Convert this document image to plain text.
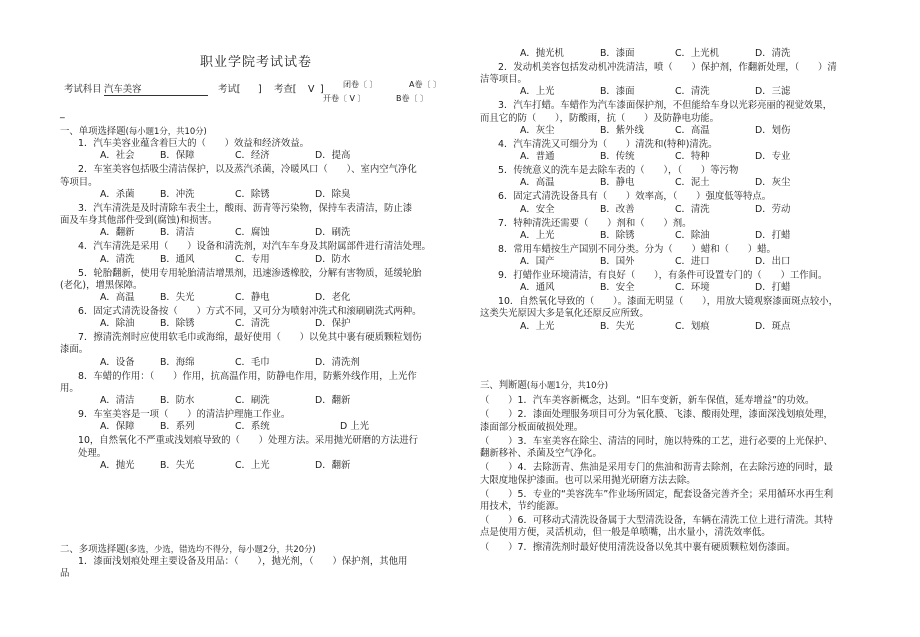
职业学院考试试卷
考试科目 汽车美容	考试[ ] 考查[ V ] 闭卷〔 〕	A卷〔 〕
开卷〔 V 〕	B卷〔 〕
_

一、单项选择题(每小题1分，共10分)

1．汽车美容业蕴含着巨大的（　　）效益和经济效益。

A．社会	B．保障	C．经济	D．提高

2．车室美容包括吸尘清洁保护，以及蒸汽杀菌，冷暖风口（　　）、室内空气净化

等项目。

A．杀菌	B．冲洗	C．除锈	D．除臭

3．汽车清洗是及时清除车表尘土，酸雨、沥青等污染物，保持车表清洁，防止漆

面及车身其他部件受到(腐蚀)和损害。

A．翻新	B．清洁	C．腐蚀	D．刷洗

4．汽车清洗是采用（　　）设备和清洗剂，对汽车车身及其附属部件进行清洁处理。

A．清洗	B．通风	C．专用	D．防水

5．轮胎翻新，使用专用轮胎清洁增黑剂，迅速渗透橡胶，分解有害物质，延缓轮胎

(老化)，增黑保障。

A．高温	B．失光	C．静电	D．老化

6．固定式清洗设备按（　　）方式不同，又可分为喷射冲洗式和滚刷刷洗式两种。

A．除油	B．除锈	C．清洗	D．保护

7．擦清洗剂时应使用软毛巾或海绵，最好使用（　　）以免其中裹有硬质颗粒划伤

漆面。

A．设备	B．海绵	C．毛巾	D．清洗剂

8．车蜡的作用：（　　）作用，抗高温作用，防静电作用，防紫外线作用，上光作

用。

A．清洁	B．防水	C．刷洗	D．翻新

9．车室美容是一项（　　）的清洁护理施工作业。

A．保障	B．系列	C．系统	D 上光

10，自然氧化不严重或浅划痕导致的（　　）处理方法。采用抛光研磨的方法进行

处理。

A．抛光	B．失光	C．上光	D．翻新

二、多项选择题(多选，少选，错选均不得分，每小题2分，共20分)

1．漆面浅划痕处理主要设备及用品：（　　），抛光剂，（　　）保护剂，其他用

品

A．抛光机	B．漆面	C．上光机	D．清洗

2．发动机美容包括发动机冲洗清洁，喷（　　）保护剂，作翻新处理，（　　）清

洁等项目。

A．上光	B．漆面	C．清洗	D．三滤

3．汽车打蜡。车蜡作为汽车漆面保护剂，不但能给车身以光彩亮丽的视觉效果，

而且它的防（　　），防酸雨，抗（　　）及防静电功能。

A．灰尘	B．紫外线	C．高温	D．划伤

4．汽车清洗又可细分为（　　）清洗和(特种)清洗。

A．普通	B．传统	C．特种	D．专业

5．传统意义的洗车是去除车表的（　　），（　　）等污物

A．高温	B．静电	C．泥土	D．灰尘

6．固定式清洗设备具有（　　）效率高，（　　）强度低等特点。

A．安全	B．改善	C．清洗	D．劳动

7．特种清洗还需要（　　）剂和（　　）剂。

A．上光	B．除锈	C．除油	D．打蜡

8．常用车蜡按生产国别不同分类。分为（　　）蜡和（　　）蜡。

A．国产	B．国外	C．进口	D．出口

9．打蜡作业环境清洁，有良好（　　），有条件可设置专门的（　　）工作间。

A．通风	B．安全	C．环境	D．打蜡

10．自然氧化导致的（　　）。漆面无明显（　　），用放大镜观察漆面斑点较小，

这类失光原因大多是氧化还原反应所致。

A．上光	B．失光	C．划痕	D．斑点

三、判断题(每小题1分，共10分)

（　　）1．汽车美容新概念，达到。“旧车变新，新车保值，延寿增益”的功效。

（　　）2．漆面处理服务项目可分为氧化膜、飞漆、酸雨处理，漆面深浅划痕处理，

漆面部分板面破损处理。

（　　）3．车室美容在除尘、清洁的同时，施以特殊的工艺，进行必要的上光保护、

翻新移补、杀菌及空气净化。

（　　）4．去除沥青、焦油是采用专门的焦油和沥青去除剂，在去除污迹的同时，最

大限度地保护漆面。也可以采用抛光研磨方法去除。

（　　）5．专业的“美容洗车”作业场所固定，配套设备完善齐全；采用循环水再生利

用技术，节约能源。

（　　）6．可移动式清洗设备属于大型清洗设备，车辆在清洗工位上进行清洗。其特

点是使用方便，灵活机动，但一般是单喷嘴，出水量小，清洗效率低。

（　　）7．擦清洗剂时最好使用清洗设备以免其中裹有硬质颗粒划伤漆面。
